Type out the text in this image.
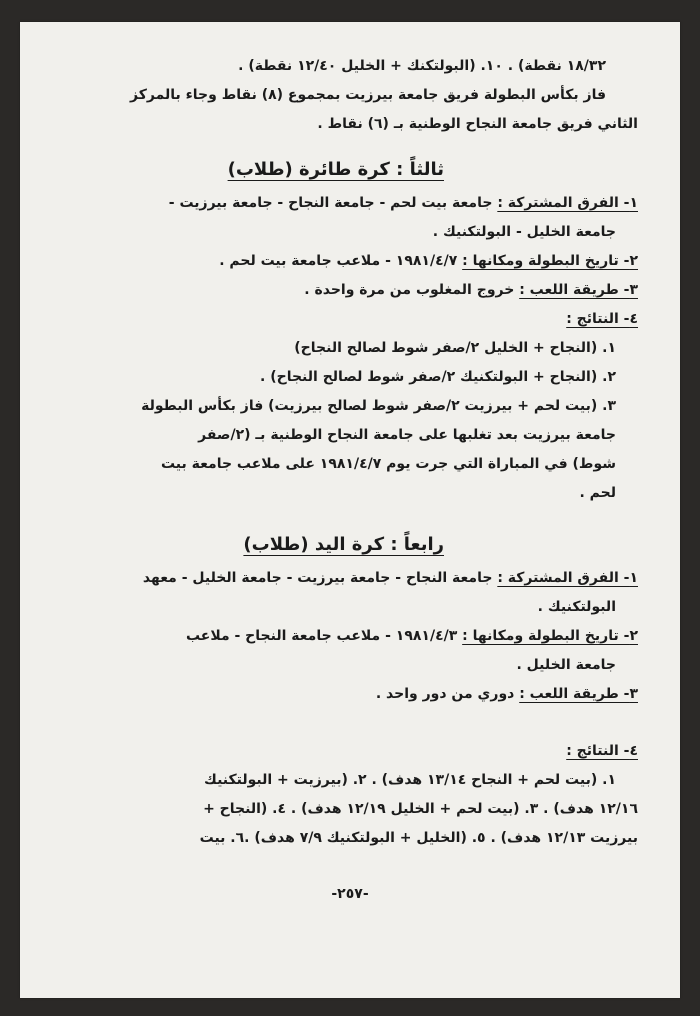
١٨/٣٢ نقطة) . ١٠. (البولتكنك + الخليل ١٢/٤٠ نقطة) .

فاز بكأس البطولة فريق جامعة بيرزيت بمجموع (٨) نقاط وجاء بالمركز

الثاني فريق جامعة النجاح الوطنية بـ (٦) نقاط .

ثالثاً : كرة طائرة (طلاب)

١- الفرق المشتركة : جامعة بيت لحم - جامعة النجاح - جامعة بيرزيت -

جامعة الخليل - البولتكنيك .

٢- تاريخ البطولة ومكانها : ١٩٨١/٤/٧ - ملاعب جامعة بيت لحم .

٣- طريقة اللعب : خروج المغلوب من مرة واحدة .

٤- النتائج :

١. (النجاح + الخليل ٢/صفر شوط لصالح النجاح)

٢. (النجاح + البولتكنيك ٢/صفر شوط لصالح النجاح) .

٣. (بيت لحم + بيرزيت ٢/صفر شوط لصالح بيرزيت) فاز بكأس البطولة

جامعة بيرزيت بعد تغلبها على جامعة النجاح الوطنية بـ (٢/صفر

شوط) في المباراة التي جرت يوم ١٩٨١/٤/٧ على ملاعب جامعة بيت

لحم .

رابعاً : كرة اليد (طلاب)

١- الفرق المشتركة : جامعة النجاح - جامعة بيرزيت - جامعة الخليل - معهد

البولتكنيك .

٢- تاريخ البطولة ومكانها : ١٩٨١/٤/٣ - ملاعب جامعة النجاح - ملاعب

جامعة الخليل .

٣- طريقة اللعب : دوري من دور واحد .

٤- النتائج :

١. (بيت لحم + النجاح ١٣/١٤ هدف) . ٢. (بيرزيت + البولتكنيك

١٢/١٦ هدف) . ٣. (بيت لحم + الخليل ١٢/١٩ هدف) . ٤. (النجاح +

بيرزيت ١٢/١٣ هدف) . ٥. (الخليل + البولتكنيك ٧/٩ هدف) .٦. بيت

-٢٥٧-
